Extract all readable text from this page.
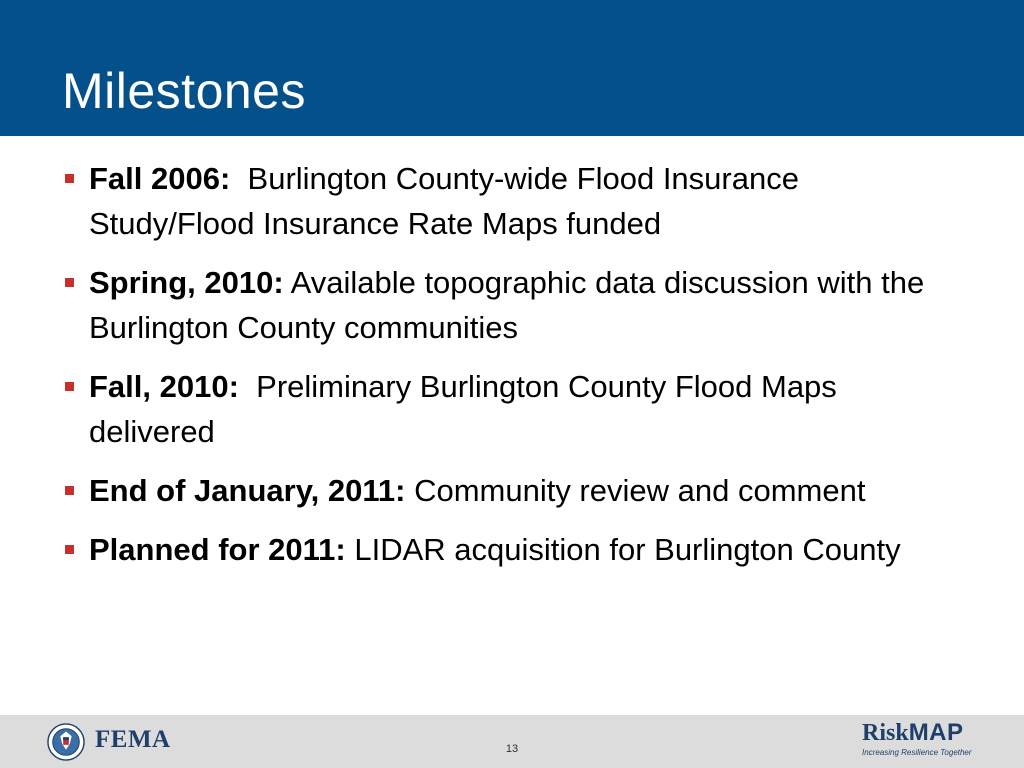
Milestones
Fall 2006: Burlington County-wide Flood Insurance Study/Flood Insurance Rate Maps funded
Spring, 2010: Available topographic data discussion with the Burlington County communities
Fall, 2010: Preliminary Burlington County Flood Maps delivered
End of January, 2011: Community review and comment
Planned for 2011: LIDAR acquisition for Burlington County
FEMA	13
RiskMAP
Increasing Resilience Together
